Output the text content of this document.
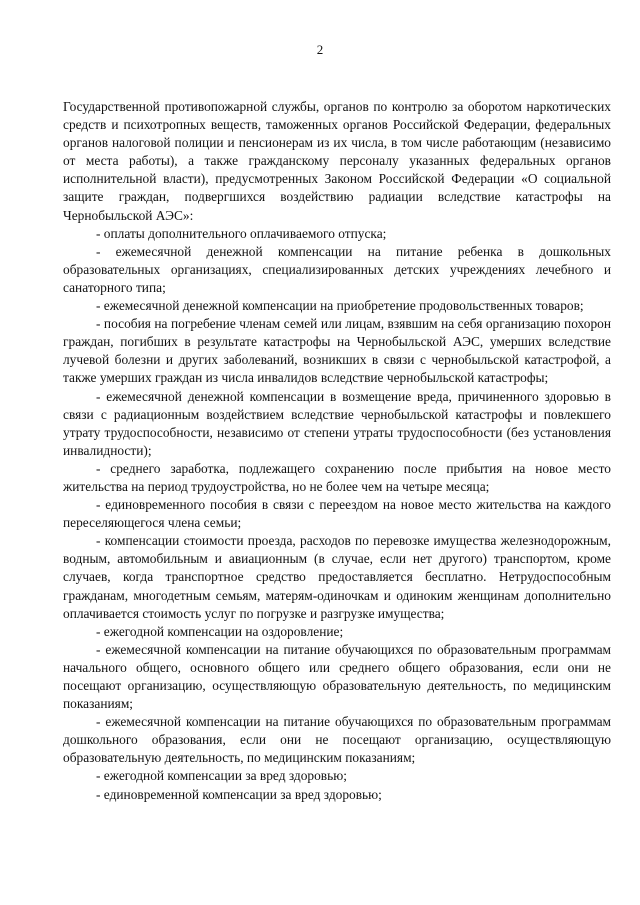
2

Государственной противопожарной службы, органов по контролю за оборотом наркотических средств и психотропных веществ, таможенных органов Российской Федерации, федеральных органов налоговой полиции и пенсионерам из их числа, в том числе работающим (независимо от места работы), а также гражданскому персоналу указанных федеральных органов исполнительной власти), предусмотренных Законом Российской Федерации «О социальной защите граждан, подвергшихся воздействию радиации вследствие катастрофы на Чернобыльской АЭС»:

- оплаты дополнительного оплачиваемого отпуска;

- ежемесячной денежной компенсации на питание ребенка в дошкольных образовательных организациях, специализированных детских учреждениях лечебного и санаторного типа;

- ежемесячной денежной компенсации на приобретение продовольственных товаров;

- пособия на погребение членам семей или лицам, взявшим на себя организацию похорон граждан, погибших в результате катастрофы на Чернобыльской АЭС, умерших вследствие лучевой болезни и других заболеваний, возникших в связи с чернобыльской катастрофой, а также умерших граждан из числа инвалидов вследствие чернобыльской катастрофы;

- ежемесячной денежной компенсации в возмещение вреда, причиненного здоровью в связи с радиационным воздействием вследствие чернобыльской катастрофы и повлекшего утрату трудоспособности, независимо от степени утраты трудоспособности (без установления инвалидности);

- среднего заработка, подлежащего сохранению после прибытия на новое место жительства на период трудоустройства, но не более чем на четыре месяца;

- единовременного пособия в связи с переездом на новое место жительства на каждого переселяющегося члена семьи;

- компенсации стоимости проезда, расходов по перевозке имущества железнодорожным, водным, автомобильным и авиационным (в случае, если нет другого) транспортом, кроме случаев, когда транспортное средство предоставляется бесплатно. Нетрудоспособным гражданам, многодетным семьям, матерям-одиночкам и одиноким женщинам дополнительно оплачивается стоимость услуг по погрузке и разгрузке имущества;

- ежегодной компенсации на оздоровление;

- ежемесячной компенсации на питание обучающихся по образовательным программам начального общего, основного общего или среднего общего образования, если они не посещают организацию, осуществляющую образовательную деятельность, по медицинским показаниям;

- ежемесячной компенсации на питание обучающихся по образовательным программам дошкольного образования, если они не посещают организацию, осуществляющую образовательную деятельность, по медицинским показаниям;

- ежегодной компенсации за вред здоровью;

- единовременной компенсации за вред здоровью;
